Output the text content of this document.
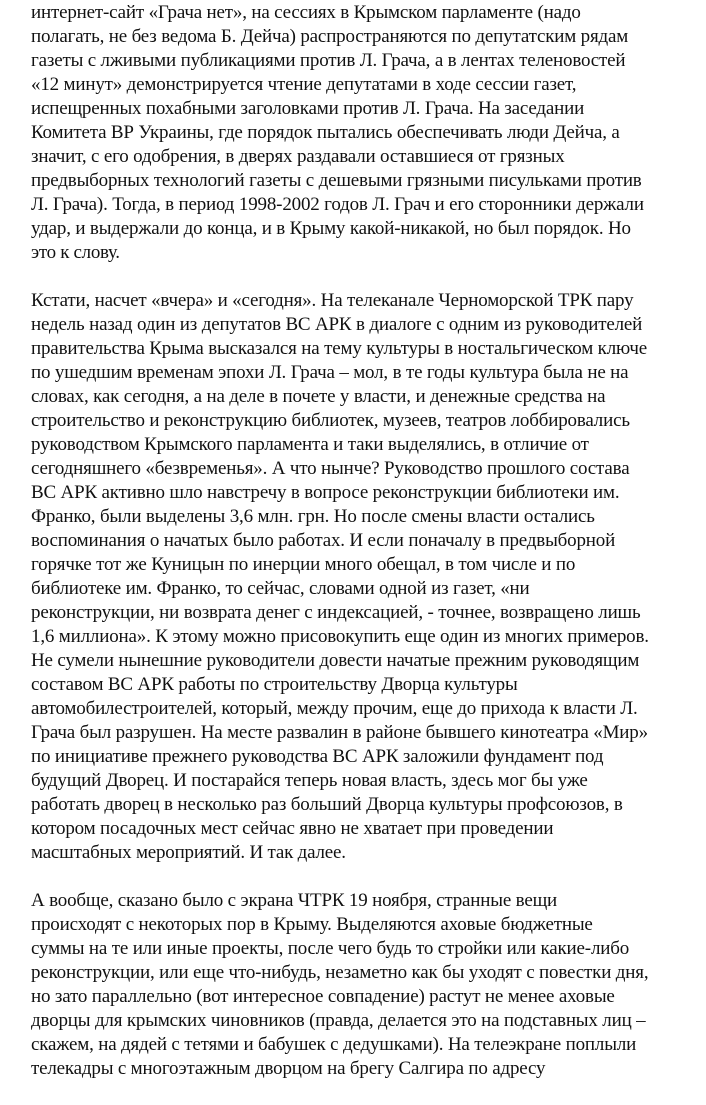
интернет-сайт «Грача нет», на сессиях в Крымском парламенте (надо
полагать, не без ведома Б. Дейча) распространяются по депутатским рядам
газеты с лживыми публикациями против Л. Грача, а в лентах теленовостей
«12 минут» демонстрируется чтение депутатами в ходе сессии газет,
испещренных похабными заголовками против Л. Грача. На заседании
Комитета ВР Украины, где порядок пытались обеспечивать люди Дейча, а
значит, с его одобрения, в дверях раздавали оставшиеся от грязных
предвыборных технологий газеты с дешевыми грязными писульками против
Л. Грача). Тогда, в период 1998-2002 годов Л. Грач и его сторонники держали
удар, и выдержали до конца, и в Крыму какой-никакой, но был порядок. Но
это к слову.
Кстати, насчет «вчера» и «сегодня». На телеканале Черноморской ТРК пару
недель назад один из депутатов ВС АРК в диалоге с одним из руководителей
правительства Крыма высказался на тему культуры в ностальгическом ключе
по ушедшим временам эпохи Л. Грача – мол, в те годы культура была не на
словах, как сегодня, а на деле в почете у власти, и денежные средства на
строительство и реконструкцию библиотек, музеев, театров лоббировались
руководством Крымского парламента и таки выделялись, в отличие от
сегодняшнего «безвременья». А что нынче? Руководство прошлого состава
ВС АРК активно шло навстречу в вопросе реконструкции библиотеки им.
Франко, были выделены 3,6 млн. грн. Но после смены власти остались
воспоминания о начатых было работах. И если поначалу в предвыборной
горячке тот же Куницын по инерции много обещал, в том числе и по
библиотеке им. Франко, то сейчас, словами одной из газет, «ни
реконструкции, ни возврата денег с индексацией, - точнее, возвращено лишь
1,6 миллиона». К этому можно присовокупить еще один из многих примеров.
Не сумели нынешние руководители довести начатые прежним руководящим
составом ВС АРК работы по строительству Дворца культуры
автомобилестроителей, который, между прочим, еще до прихода к власти Л.
Грача был разрушен. На месте развалин в районе бывшего кинотеатра «Мир»
по инициативе прежнего руководства ВС АРК заложили фундамент под
будущий Дворец. И постарайся теперь новая власть, здесь мог бы уже
работать дворец в несколько раз больший Дворца культуры профсоюзов, в
котором посадочных мест сейчас явно не хватает при проведении
масштабных мероприятий. И так далее.
А вообще, сказано было с экрана ЧТРК 19 ноября, странные вещи
происходят с некоторых пор в Крыму. Выделяются аховые бюджетные
суммы на те или иные проекты, после чего будь то стройки или какие-либо
реконструкции, или еще что-нибудь, незаметно как бы уходят с повестки дня,
но зато параллельно (вот интересное совпадение) растут не менее аховые
дворцы для крымских чиновников (правда, делается это на подставных лиц –
скажем, на дядей с тетями и бабушек с дедушками). На телеэкране поплыли
телекадры с многоэтажным дворцом на брегу Салгира по адресу
